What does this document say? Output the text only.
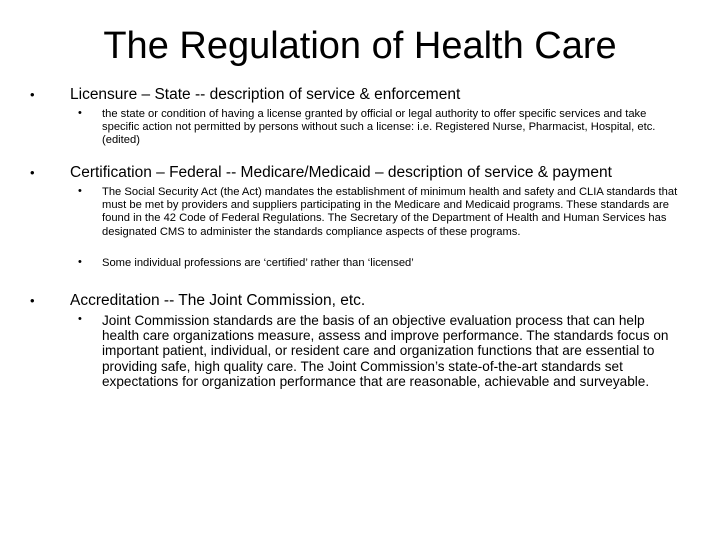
The Regulation of Health Care
• Licensure – State -- description of service & enforcement
• the state or condition of having a license granted by official or legal authority to offer specific services and take specific action not permitted by persons without such a license: i.e. Registered Nurse, Pharmacist, Hospital, etc. (edited)
• Certification – Federal -- Medicare/Medicaid – description of service & payment
• The Social Security Act (the Act) mandates the establishment of minimum health and safety and CLIA standards that must be met by providers and suppliers participating in the Medicare and Medicaid programs. These standards are found in the 42 Code of Federal Regulations. The Secretary of the Department of Health and Human Services has designated CMS to administer the standards compliance aspects of these programs.
• Some individual professions are ‘certified’ rather than ‘licensed’
• Accreditation -- The Joint Commission, etc.
• Joint Commission standards are the basis of an objective evaluation process that can help health care organizations measure, assess and improve performance. The standards focus on important patient, individual, or resident care and organization functions that are essential to providing safe, high quality care. The Joint Commission’s state-of-the-art standards set expectations for organization performance that are reasonable, achievable and surveyable.
